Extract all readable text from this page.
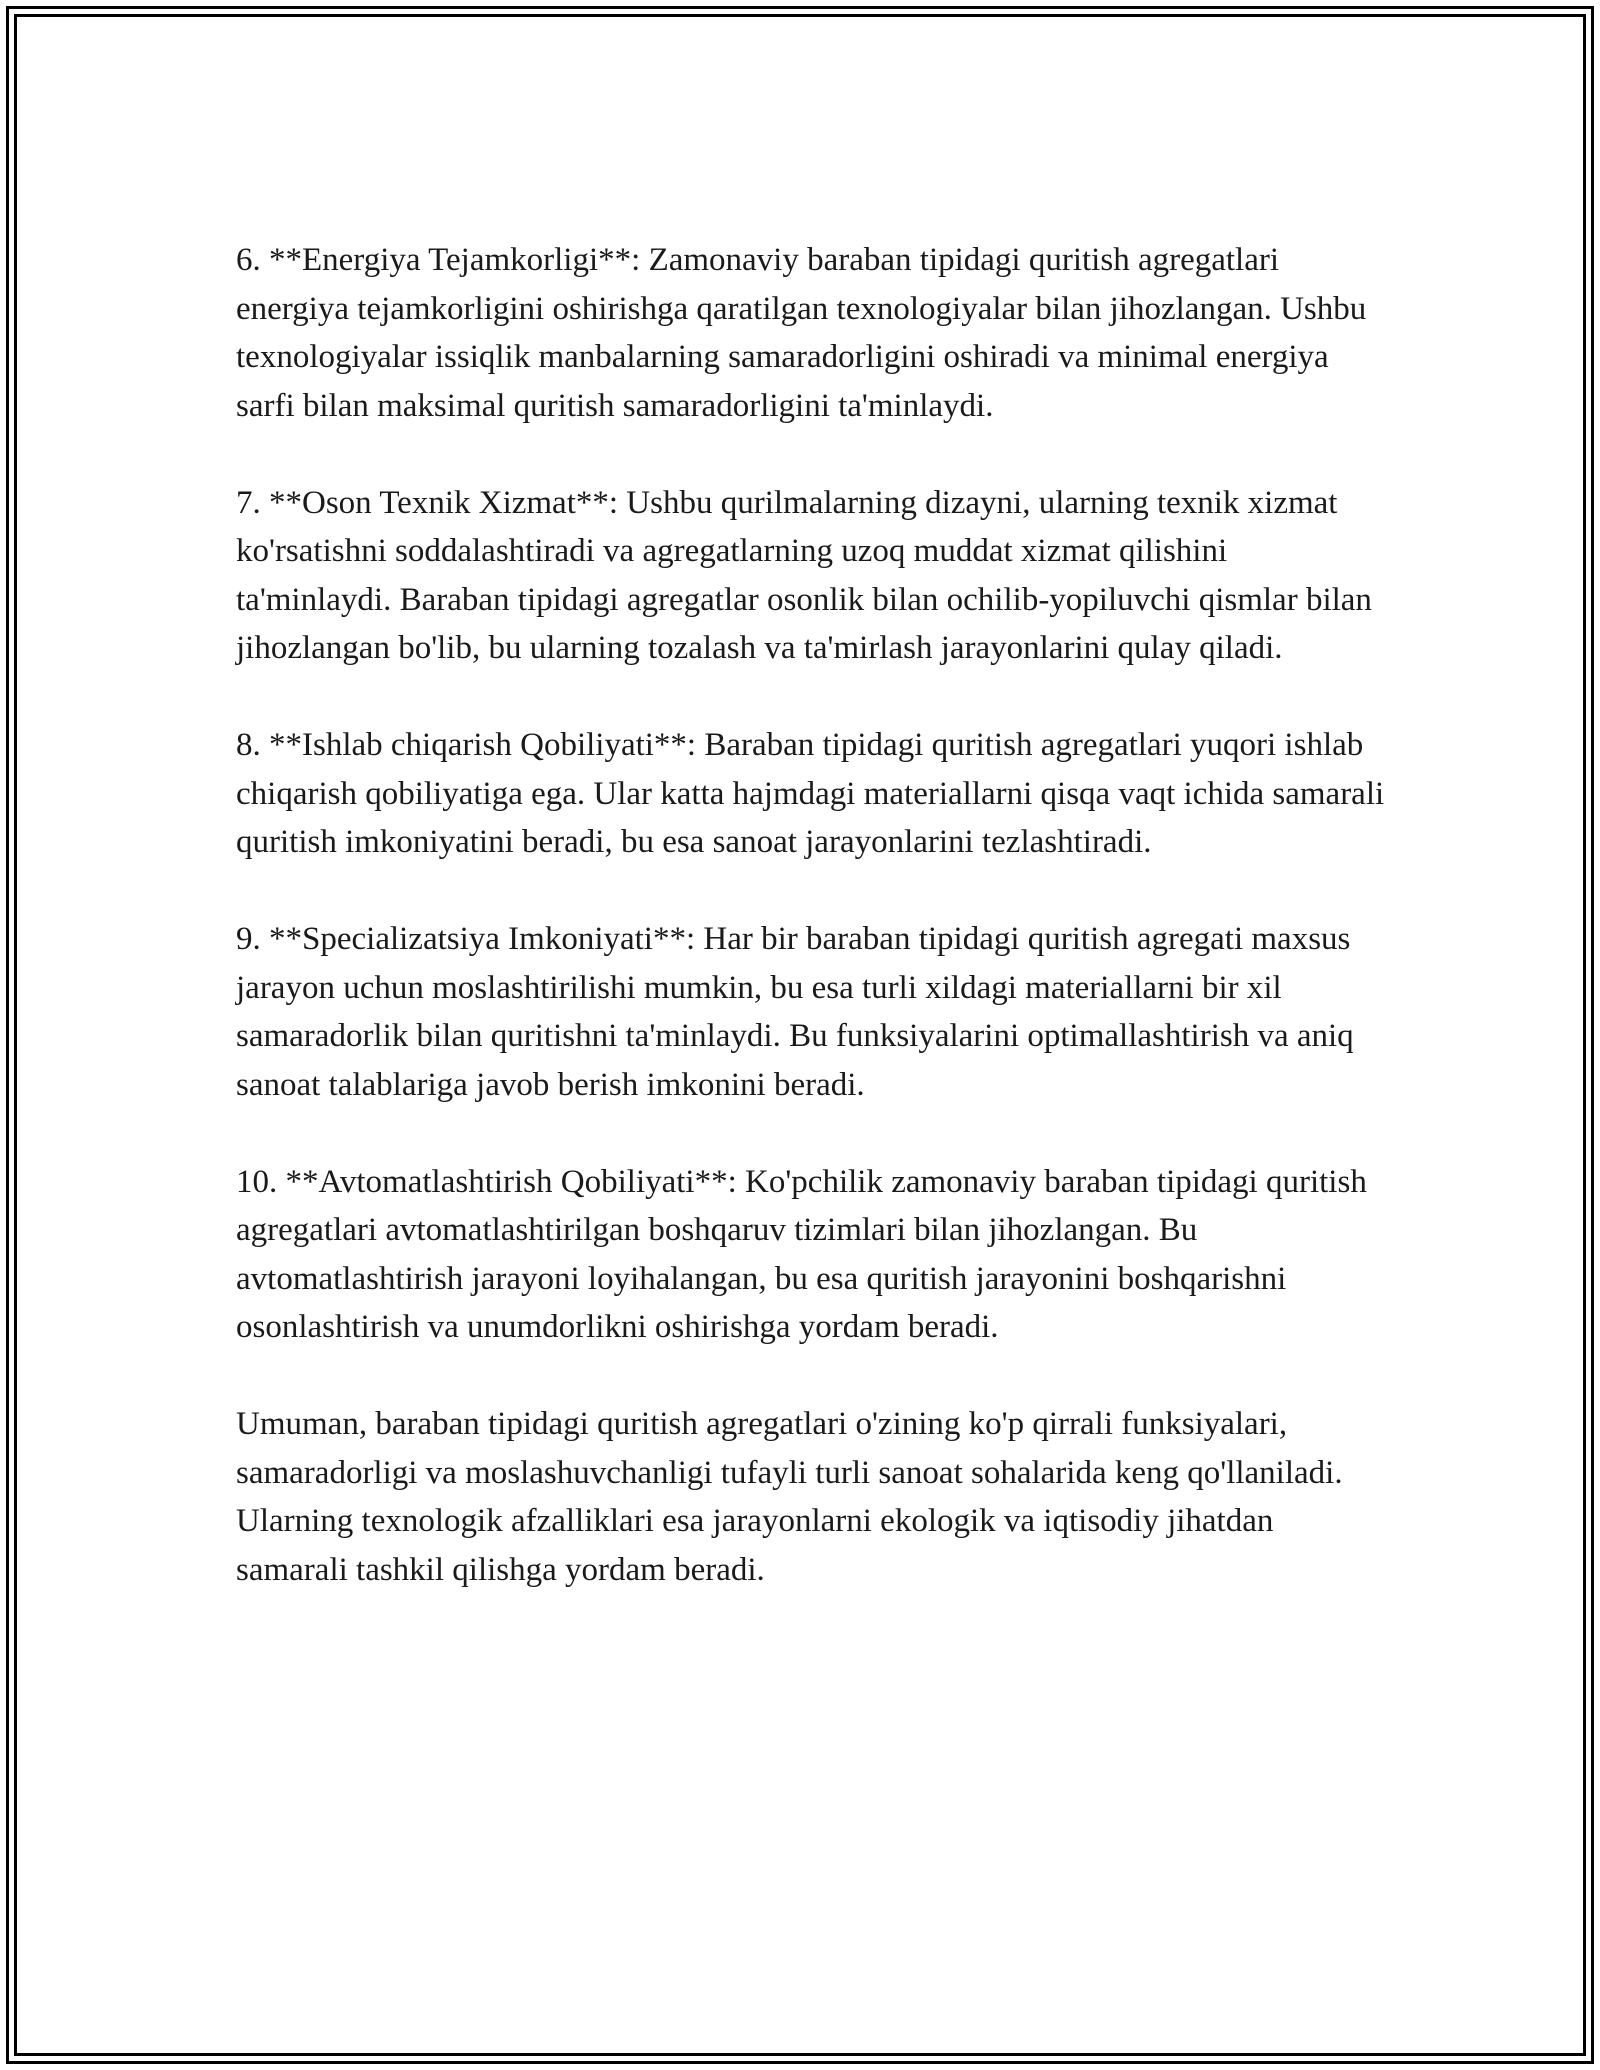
6. **Energiya Tejamkorligi**: Zamonaviy baraban tipidagi quritish agregatlari energiya tejamkorligini oshirishga qaratilgan texnologiyalar bilan jihozlangan. Ushbu texnologiyalar issiqlik manbalarning samaradorligini oshiradi va minimal energiya sarfi bilan maksimal quritish samaradorligini ta'minlaydi.

7. **Oson Texnik Xizmat**: Ushbu qurilmalarning dizayni, ularning texnik xizmat ko'rsatishni soddalashtiradi va agregatlarning uzoq muddat xizmat qilishini ta'minlaydi. Baraban tipidagi agregatlar osonlik bilan ochilib-yopiluvchi qismlar bilan jihozlangan bo'lib, bu ularning tozalash va ta'mirlash jarayonlarini qulay qiladi.

8. **Ishlab chiqarish Qobiliyati**: Baraban tipidagi quritish agregatlari yuqori ishlab chiqarish qobiliyatiga ega. Ular katta hajmdagi materiallarni qisqa vaqt ichida samarali quritish imkoniyatini beradi, bu esa sanoat jarayonlarini tezlashtiradi.

9. **Specializatsiya Imkoniyati**: Har bir baraban tipidagi quritish agregati maxsus jarayon uchun moslashtirilishi mumkin, bu esa turli xildagi materiallarni bir xil samaradorlik bilan quritishni ta'minlaydi. Bu funksiyalarini optimallashtirish va aniq sanoat talablariga javob berish imkonini beradi.

10. **Avtomatlashtirish Qobiliyati**: Ko'pchilik zamonaviy baraban tipidagi quritish agregatlari avtomatlashtirilgan boshqaruv tizimlari bilan jihozlangan. Bu avtomatlashtirish jarayoni loyihalangan, bu esa quritish jarayonini boshqarishni osonlashtirish va unumdorlikni oshirishga yordam beradi.

Umuman, baraban tipidagi quritish agregatlari o'zining ko'p qirrali funksiyalari, samaradorligi va moslashuvchanligi tufayli turli sanoat sohalarida keng qo'llaniladi. Ularning texnologik afzalliklari esa jarayonlarni ekologik va iqtisodiy jihatdan samarali tashkil qilishga yordam beradi.
